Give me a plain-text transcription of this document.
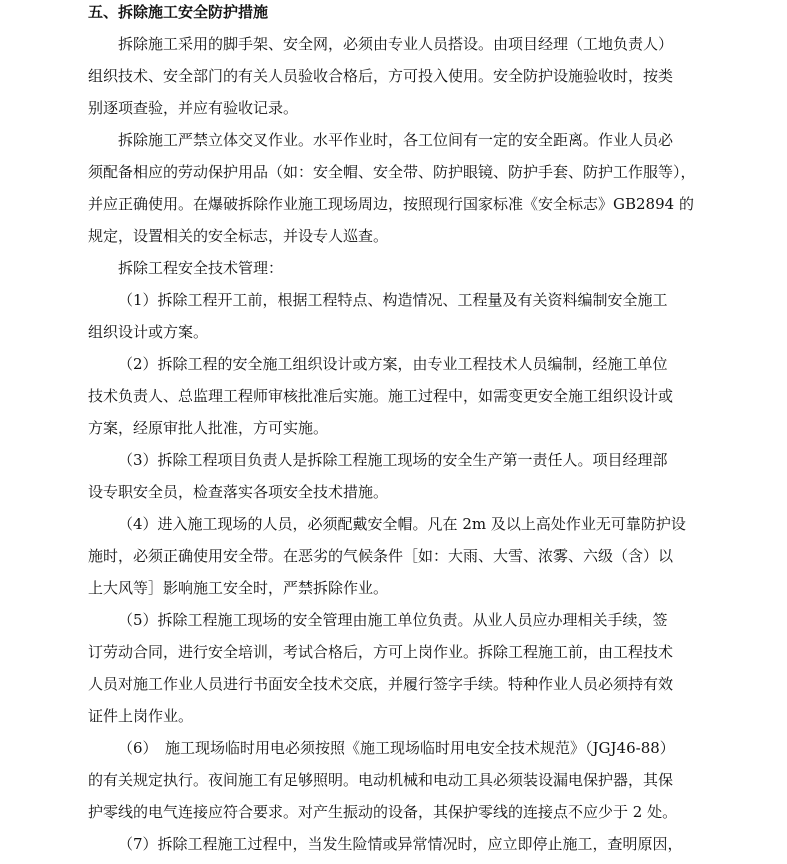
五、拆除施工安全防护措施
拆除施工采用的脚手架、安全网，必须由专业人员搭设。由项目经理（工地负责人）
组织技术、安全部门的有关人员验收合格后，方可投入使用。安全防护设施验收时，按类
别逐项查验，并应有验收记录。
拆除施工严禁立体交叉作业。水平作业时，各工位间有一定的安全距离。作业人员必
须配备相应的劳动保护用品（如：安全帽、安全带、防护眼镜、防护手套、防护工作服等），
并应正确使用。在爆破拆除作业施工现场周边，按照现行国家标准《安全标志》GB2894 的
规定，设置相关的安全标志，并设专人巡查。
拆除工程安全技术管理：
（1）拆除工程开工前，根据工程特点、构造情况、工程量及有关资料编制安全施工
组织设计或方案。
（2）拆除工程的安全施工组织设计或方案，由专业工程技术人员编制，经施工单位
技术负责人、总监理工程师审核批准后实施。施工过程中，如需变更安全施工组织设计或
方案，经原审批人批准，方可实施。
（3）拆除工程项目负责人是拆除工程施工现场的安全生产第一责任人。项目经理部
设专职安全员，检查落实各项安全技术措施。
（4）进入施工现场的人员，必须配戴安全帽。凡在 2m 及以上高处作业无可靠防护设
施时，必须正确使用安全带。在恶劣的气候条件［如：大雨、大雪、浓雾、六级（含）以
上大风等］影响施工安全时，严禁拆除作业。
（5）拆除工程施工现场的安全管理由施工单位负责。从业人员应办理相关手续，签
订劳动合同，进行安全培训，考试合格后，方可上岗作业。拆除工程施工前，由工程技术
人员对施工作业人员进行书面安全技术交底，并履行签字手续。特种作业人员必须持有效
证件上岗作业。
（6）　施工现场临时用电必须按照《施工现场临时用电安全技术规范》（JGJ46-88）
的有关规定执行。夜间施工有足够照明。电动机械和电动工具必须装设漏电保护器，其保
护零线的电气连接应符合要求。对产生振动的设备，其保护零线的连接点不应少于 2 处。
（7）拆除工程施工过程中，当发生险情或异常情况时，应立即停止施工，查明原因，
